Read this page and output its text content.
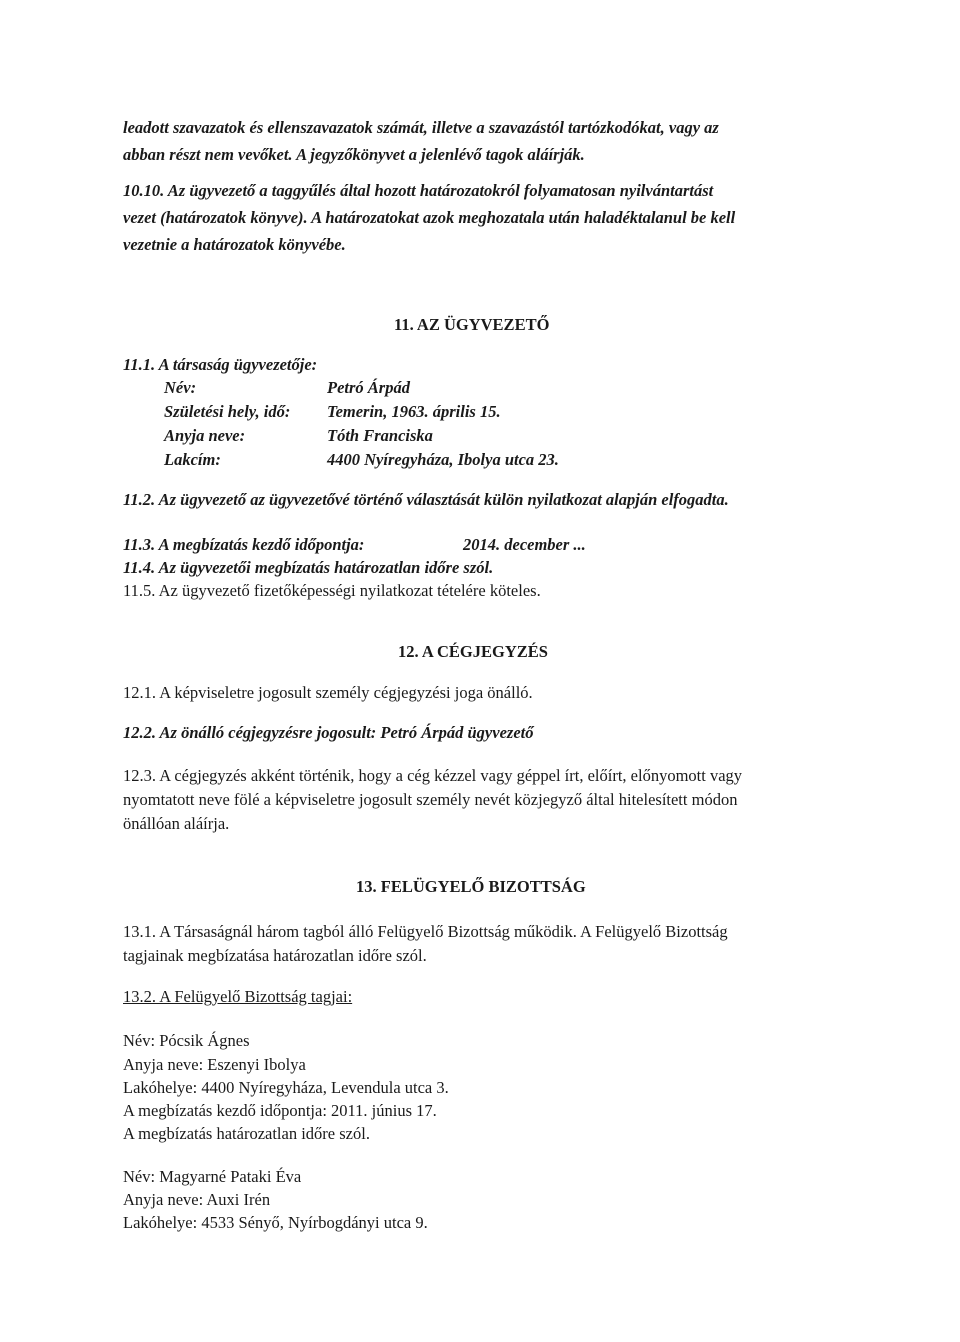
leadott szavazatok és ellenszavazatok számát, illetve a szavazástól tartózkodókat, vagy az
abban részt nem vevőket. A jegyzőkönyvet a jelenlévő tagok aláírják.
10.10. Az ügyvezető a taggyűlés által hozott határozatokról folyamatosan nyilvántartást
vezet (határozatok könyve). A határozatokat azok meghozatala után haladéktalanul be kell
vezetnie a határozatok könyvébe.
11. AZ ÜGYVEZETŐ
11.1. A társaság ügyvezetője:
Név:	Petró Árpád
Születési hely, idő: Temerin, 1963. április 15.
Anyja neve:	Tóth Franciska
Lakcím:	4400 Nyíregyháza, Ibolya utca 23.
11.2. Az ügyvezető az ügyvezetővé történő választását külön nyilatkozat alapján elfogadta.
11.3. A megbízatás kezdő időpontja:	2014. december ...
11.4. Az ügyvezetői megbízatás határozatlan időre szól.
11.5. Az ügyvezető fizetőképességi nyilatkozat tételére köteles.
12. A CÉGJEGYZÉS
12.1. A képviseletre jogosult személy cégjegyzési joga önálló.
12.2. Az önálló cégjegyzésre jogosult: Petró Árpád ügyvezető
12.3. A cégjegyzés akként történik, hogy a cég kézzel vagy géppel írt, előírt, előnyomott vagy
nyomtatott neve fölé a képviseletre jogosult személy nevét közjegyző által hitelesített módon
önállóan aláírja.
13. FELÜGYELŐ BIZOTTSÁG
13.1. A Társaságnál három tagból álló Felügyelő Bizottság működik. A Felügyelő Bizottság
tagjainak megbízatása határozatlan időre szól.
13.2. A Felügyelő Bizottság tagjai:
Név: Pócsik Ágnes
Anyja neve: Eszenyi Ibolya
Lakóhelye: 4400 Nyíregyháza, Levendula utca 3.
A megbízatás kezdő időpontja: 2011. június 17.
A megbízatás határozatlan időre szól.
Név: Magyarné Pataki Éva
Anyja neve: Auxi Irén
Lakóhelye: 4533 Sényő, Nyírbogdányi utca 9.
